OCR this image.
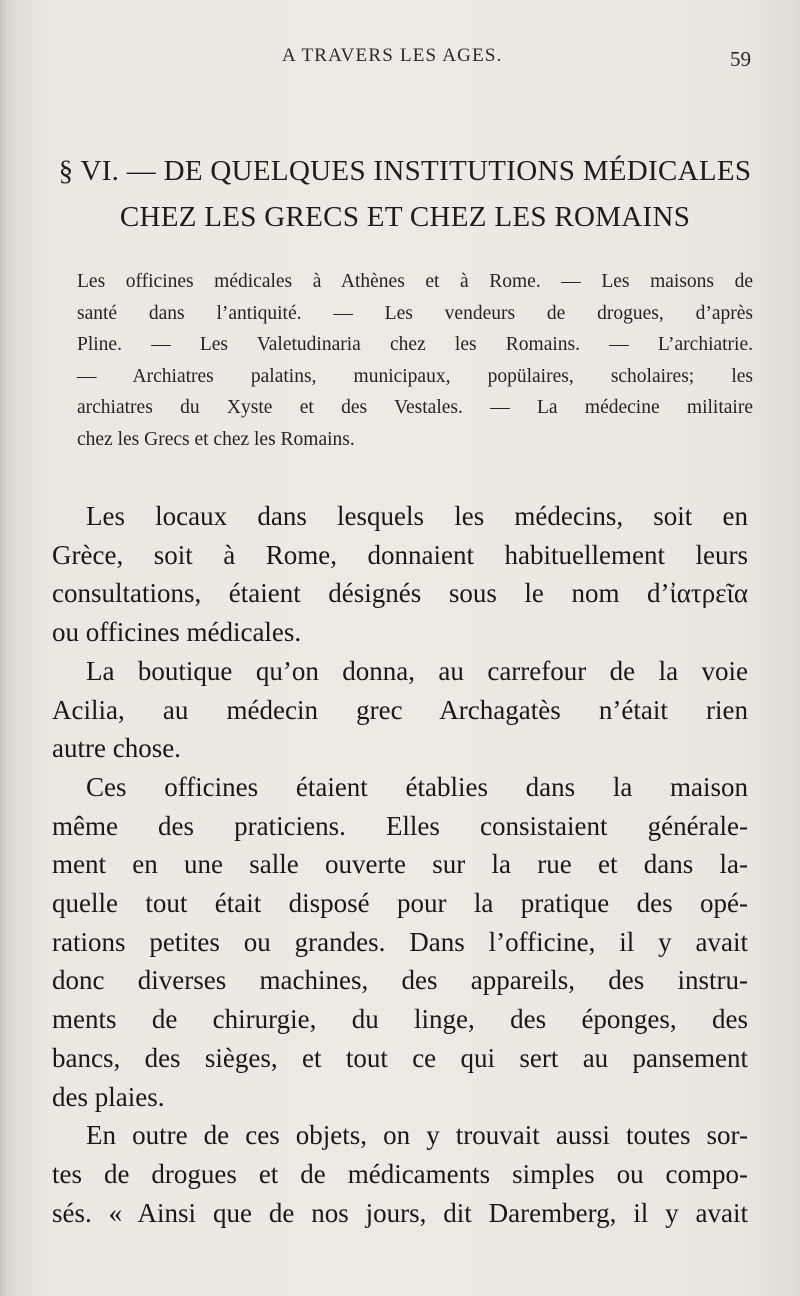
A TRAVERS LES AGES.	59
§ VI. — DE QUELQUES INSTITUTIONS MÉDICALES
CHEZ LES GRECS ET CHEZ LES ROMAINS
Les officines médicales à Athènes et à Rome. — Les maisons de
santé dans l’antiquité. — Les vendeurs de drogues, d’après
Pline. — Les Valetudinaria chez les Romains. — L’archiatrie.
— Archiatres palatins, municipaux, popülaires, scholaires; les
archiatres du Xyste et des Vestales. — La médecine militaire
chez les Grecs et chez les Romains.
Les locaux dans lesquels les médecins, soit en
Grèce, soit à Rome, donnaient habituellement leurs
consultations, étaient désignés sous le nom d’ἰατρεῖα
ou officines médicales.
La boutique qu’on donna, au carrefour de la voie
Acilia, au médecin grec Archagatès n’était rien
autre chose.
Ces officines étaient établies dans la maison
même des praticiens. Elles consistaient générale-
ment en une salle ouverte sur la rue et dans la-
quelle tout était disposé pour la pratique des opé-
rations petites ou grandes. Dans l’officine, il y avait
donc diverses machines, des appareils, des instru-
ments de chirurgie, du linge, des éponges, des
bancs, des sièges, et tout ce qui sert au pansement
des plaies.
En outre de ces objets, on y trouvait aussi toutes sor-
tes de drogues et de médicaments simples ou compo-
sés. « Ainsi que de nos jours, dit Daremberg, il y avait
